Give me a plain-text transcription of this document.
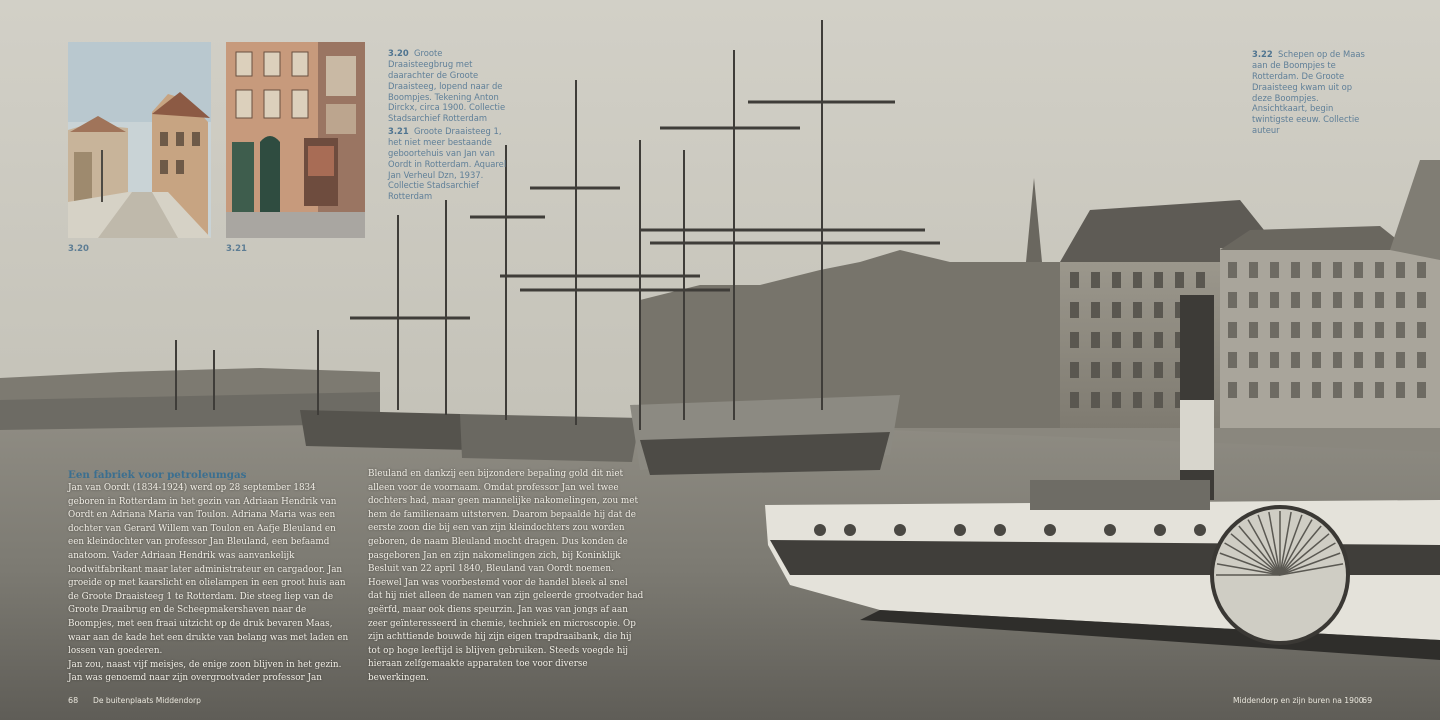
3.20	3.21

3.20 Groote Draaisteegbrug met daarachter de Groote Draaisteeg, lopend naar de Boompjes. Tekening Anton Dirckx, circa 1900. Collectie Stadsarchief Rotterdam

3.21 Groote Draaisteeg 1, het niet meer bestaande geboortehuis van Jan van Oordt in Rotterdam. Aquarel Jan Verheul Dzn, 1937. Collectie Stadsarchief Rotterdam

3.22 Schepen op de Maas aan de Boompjes te Rotterdam. De Groote Draaisteeg kwam uit op deze Boompjes. Ansichtkaart, begin twintigste eeuw. Collectie auteur

Een fabriek voor petroleumgas

Jan van Oordt (1834-1924) werd op 28 september 1834 geboren in Rotterdam in het gezin van Adriaan Hendrik van Oordt en Adriana Maria van Toulon. Adriana Maria was een dochter van Gerard Willem van Toulon en Aafje Bleuland en een kleindochter van professor Jan Bleuland, een befaamd anatoom. Vader Adriaan Hendrik was aanvankelijk loodwitfabrikant maar later administrateur en cargadoor. Jan groeide op met kaarslicht en olielampen in een groot huis aan de Groote Draaisteeg 1 te Rotterdam. Die steeg liep van de Groote Draaibrug en de Scheepmakershaven naar de Boompjes, met een fraai uitzicht op de druk bevaren Maas, waar aan de kade het een drukte van belang was met laden en lossen van goederen.
Jan zou, naast vijf meisjes, de enige zoon blijven in het gezin. Jan was genoemd naar zijn overgrootvader professor Jan

Bleuland en dankzij een bijzondere bepaling gold dit niet alleen voor de voornaam. Omdat professor Jan wel twee dochters had, maar geen mannelijke nakomelingen, zou met hem de familienaam uitsterven. Daarom bepaalde hij dat de eerste zoon die bij een van zijn kleindochters zou worden geboren, de naam Bleuland mocht dragen. Dus konden de pasgeboren Jan en zijn nakomelingen zich, bij Koninklijk Besluit van 22 april 1840, Bleuland van Oordt noemen.
Hoewel Jan was voorbestemd voor de handel bleek al snel dat hij niet alleen de namen van zijn geleerde grootvader had geërfd, maar ook diens speurzin. Jan was van jongs af aan zeer geïnteresseerd in chemie, techniek en microscopie. Op zijn achttiende bouwde hij zijn eigen trapdraaibank, die hij tot op hoge leeftijd is blijven gebruiken. Steeds voegde hij hieraan zelfgemaakte apparaten toe voor diverse bewerkingen.

68 De buitenplaats Middendorp	Middendorp en zijn buren na 1900
69
